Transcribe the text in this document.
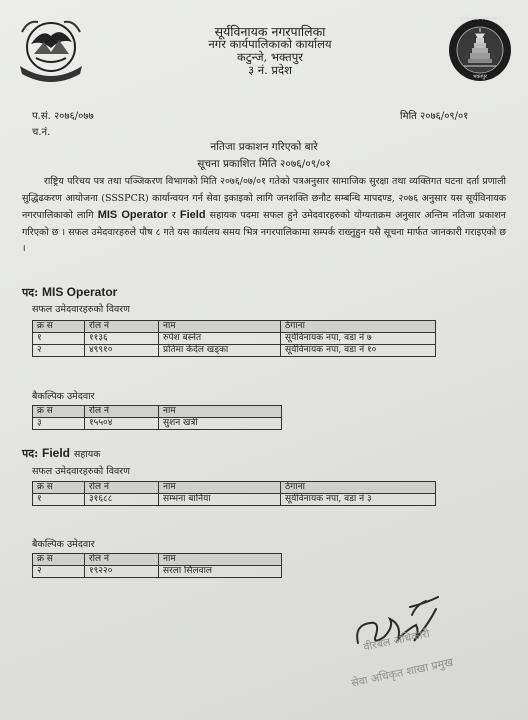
सूर्यविनायक नगरपालिका
नगर कार्यपालिकाको कार्यालय
कटुन्जे, भक्तपुर
३ नं. प्रदेश
सूर्यविनायक नगरपालिका
भक्तपुर
प.सं. २०७६/०७७
च.नं.
मिति २०७६/०९/०१
नतिजा प्रकाशन गरिएको बारे
सूचना प्रकाशित मिति २०७६/०९/०१
राष्ट्रिय परिचय पत्र तथा पञ्जिकरण विभागको मिति २०७६/०७/०१ गतेको पत्रअनुसार सामाजिक सुरक्षा तथा व्यक्तिगत घटना दर्ता प्रणाली सुद्धिढकरण आयोजना (SSSPCR) कार्यान्वयन गर्न सेवा इकाइको लागि जनशक्ति छनौट सम्बन्धि मापदण्ड, २०७६ अनुसार यस सूर्यविनायक नगरपालिकाको लागि MIS Operator र Field सहायक पदमा सफल हुने उमेदवारहरुको योग्यताक्रम अनुसार अन्तिम नतिजा प्रकाशन गरिएको छ । सफल उमेदवारहरुले पौष ८ गते यस कार्यलय समय भित्र नगरपालिकामा सम्पर्क राख्नुहुन यसै सूचना मार्फत जानकारी गराइएको छ ।
पद: MIS Operator
सफल उमेदवारहरुको विवरण
क्र स	रोल नं	नाम	ठेगाना
१	११३६	रुपेश बस्नेत	सूर्यविनायक नपा, वडा नं ७
२	४९९१०	प्रतिमा केंदेल खड्का	सूर्यविनायक नपा, वडा नं १०
बैकल्पिक उमेदवार
क्र स	रोल नं	नाम
३	१५५०४	सुशन खत्री
पद: Field सहायक
सफल उमेदवारहरुको विवरण
क्र स	रोल नं	नाम	ठेगाना
१	३१६८८	सम्भना बानिया	सूर्यविनायक नपा, वडा नं ३
बैकल्पिक उमेदवार
क्र स	रोल नं	नाम
२	१९२२०	सरला सिलवाल
वीरबल अधिकारी
सेवा अधिकृत शाखा प्रमुख
